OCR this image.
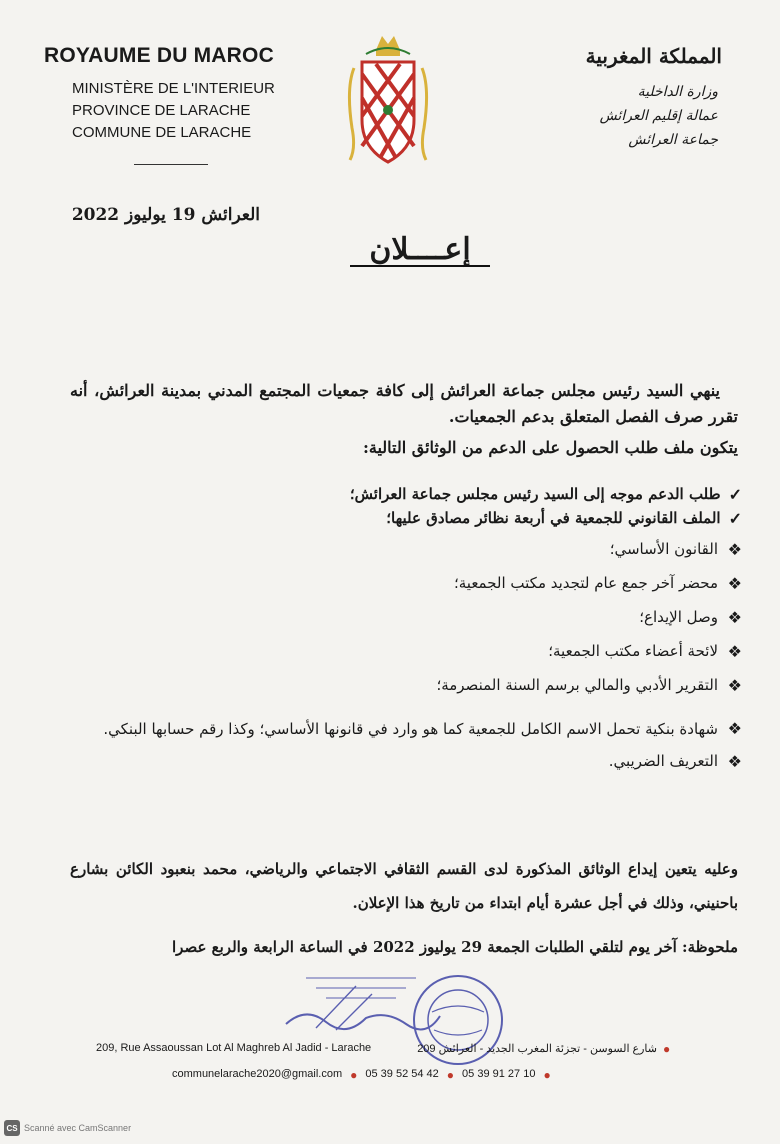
ROYAUME DU MAROC
MINISTÈRE DE L'INTERIEUR
PROVINCE DE LARACHE
COMMUNE DE LARACHE
المملكة المغربية
وزارة الداخلية
عمالة إقليم العرائش
جماعة العرائش
العرائش 19 يوليوز 2022
إعــــلان
ينهي السيد رئيس مجلس جماعة العرائش إلى كافة جمعيات المجتمع المدني بمدينة العرائش، أنه تقرر صرف الفصل المتعلق بدعم الجمعيات.
يتكون ملف طلب الحصول على الدعم من الوثائق التالية:
✓
طلب الدعم موجه إلى السيد رئيس مجلس جماعة العرائش؛
✓
الملف القانوني للجمعية في أربعة نظائر مصادق عليها؛
❖
القانون الأساسي؛
❖
محضر آخر جمع عام لتجديد مكتب الجمعية؛
❖
وصل الإيداع؛
❖
لائحة أعضاء مكتب الجمعية؛
❖
التقرير الأدبي والمالي برسم السنة المنصرمة؛
❖
شهادة بنكية تحمل الاسم الكامل للجمعية كما هو وارد في قانونها الأساسي؛ وكذا رقم حسابها البنكي.
❖
التعريف الضريبي.
وعليه يتعين إيداع الوثائق المذكورة لدى القسم الثقافي الاجتماعي والرياضي، محمد بنعبود الكائن بشارع باحنيني، وذلك في أجل عشرة أيام ابتداء من تاريخ هذا الإعلان.
ملحوظة: آخر يوم لتلقي الطلبات الجمعة 29 يوليوز 2022 في الساعة الرابعة والربع عصرا
209, Rue Assaoussan Lot Al Maghreb Al Jadid - Larache	209 شارع السوسن - تجزئة المغرب الجديد - العرائش ●
communelarache2020@gmail.com ● 05 39 52 54 42 ● 05 39 91 27 10 ●
CS Scanné avec CamScanner
